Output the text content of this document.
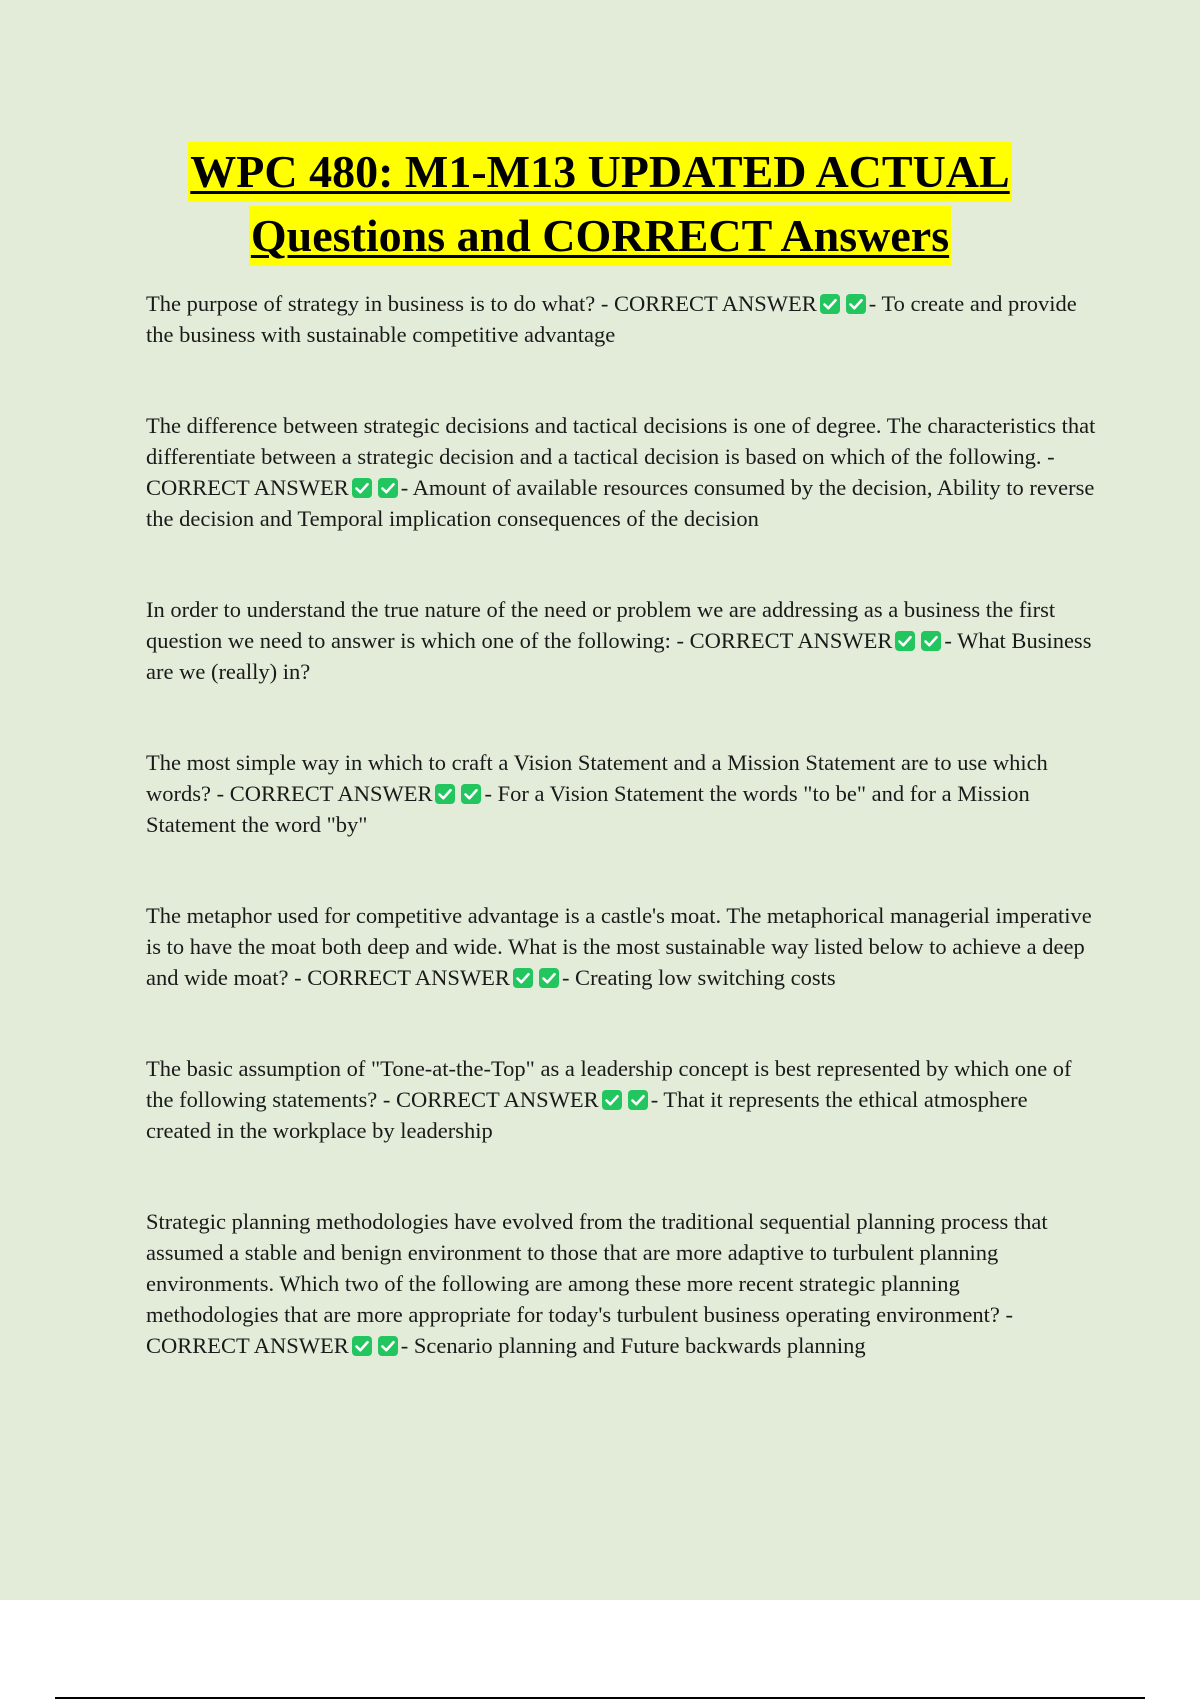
WPC 480: M1-M13 UPDATED ACTUAL
Questions and CORRECT Answers

The purpose of strategy in business is to do what? - CORRECT ANSWER - To create and provide the business with sustainable competitive advantage

The difference between strategic decisions and tactical decisions is one of degree. The characteristics that differentiate between a strategic decision and a tactical decision is based on which of the following. - CORRECT ANSWER - Amount of available resources consumed by the decision, Ability to reverse the decision and Temporal implication consequences of the decision

In order to understand the true nature of the need or problem we are addressing as a business the first question we need to answer is which one of the following: - CORRECT ANSWER - What Business are we (really) in?

The most simple way in which to craft a Vision Statement and a Mission Statement are to use which words? - CORRECT ANSWER - For a Vision Statement the words "to be" and for a Mission Statement the word "by"

The metaphor used for competitive advantage is a castle's moat. The metaphorical managerial imperative is to have the moat both deep and wide. What is the most sustainable way listed below to achieve a deep and wide moat? - CORRECT ANSWER - Creating low switching costs

The basic assumption of "Tone-at-the-Top" as a leadership concept is best represented by which one of the following statements? - CORRECT ANSWER - That it represents the ethical atmosphere created in the workplace by leadership

Strategic planning methodologies have evolved from the traditional sequential planning process that assumed a stable and benign environment to those that are more adaptive to turbulent planning environments. Which two of the following are among these more recent strategic planning methodologies that are more appropriate for today's turbulent business operating environment? - CORRECT ANSWER - Scenario planning and Future backwards planning
